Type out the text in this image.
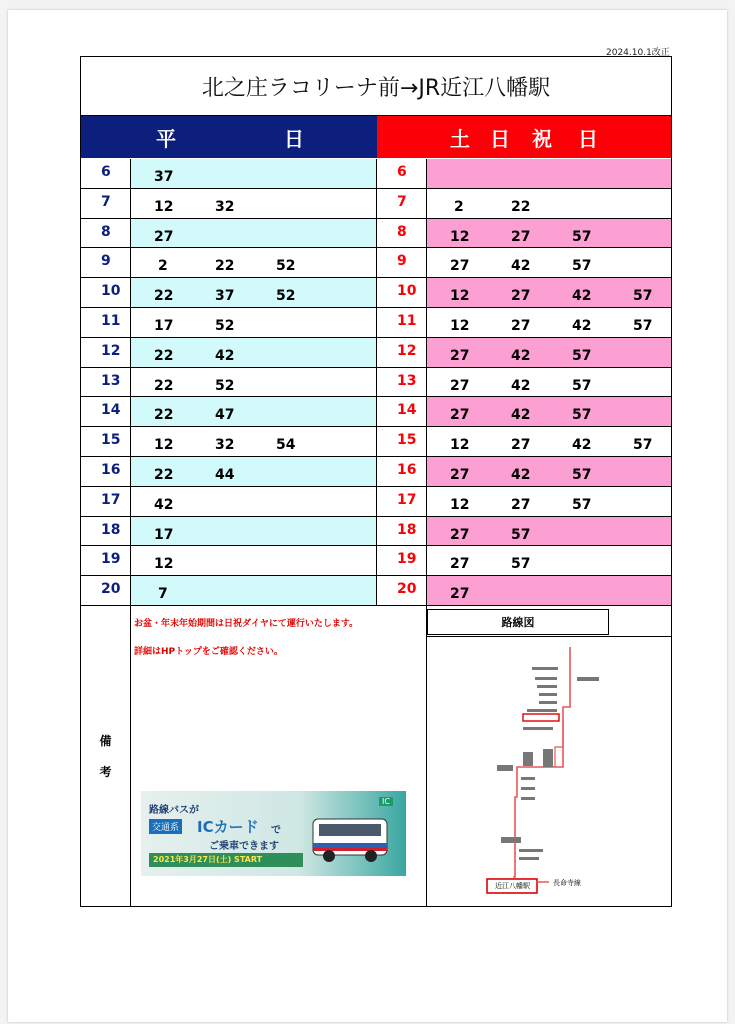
2024.10.1改正
北之庄ラコリーナ前→JR近江八幡駅
平	日	土 日 祝 日
6	37	6
7	12	32	7	2	22
8	27	8	12	27	57
9	2	22	52	9	27	42	57
10	22	37	52	10	12	27	42	57
11	17	52	11	12	27	42	57
12	22	42	12	27	42	57
13	22	52	13	27	42	57
14	22	47	14	27	42	57
15	12	32	54	15	12	27	42	57
16	22	44	16	27	42	57
17	42	17	12	27	57
18	17	18	27	57
19	12	19	27	57
20	7	20	27
備
考
お盆・年末年始期間は日祝ダイヤにて運行いたします。
詳細はHPトップをご確認ください。
路線バスが
交通系 ICカード で
ご乗車できます
2021年3月27日(土) START
IC
路線図
近江八幡駅	長命寺線
